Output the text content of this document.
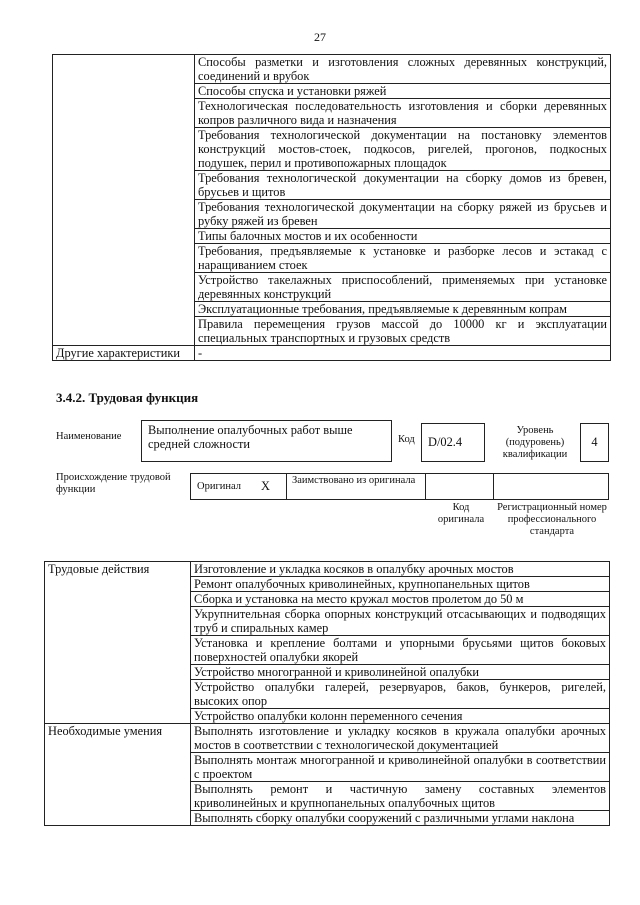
27
	Способы разметки и изготовления сложных деревянных конструкций, соединений и врубок
	Способы спуска и установки ряжей
	Технологическая последовательность изготовления и сборки деревянных копров различного вида и назначения
	Требования технологической документации на постановку элементов конструкций мостов-стоек, подкосов, ригелей, прогонов, подкосных подушек, перил и противопожарных площадок
	Требования технологической документации на сборку домов из бревен, брусьев и щитов
	Требования технологической документации на сборку ряжей из брусьев и рубку ряжей из бревен
	Типы балочных мостов и их особенности
	Требования, предъявляемые к установке и разборке лесов и эстакад с наращиванием стоек
	Устройство такелажных приспособлений, применяемых при установке деревянных конструкций
	Эксплуатационные требования, предъявляемые к деревянным копрам
	Правила перемещения грузов массой до 10000 кг и эксплуатации специальных транспортных и грузовых средств
Другие характеристики	-
3.4.2. Трудовая функция
Наименование	Выполнение опалубочных работ выше средней сложности	Код	D/02.4
Уровень (подуровень) квалификации
4
Происхождение трудовой функции	Оригинал X Заимствовано из оригинала
Код оригинала
Регистрационный номер профессионального стандарта
Трудовые действия	Изготовление и укладка косяков в опалубку арочных мостов
	Ремонт опалубочных криволинейных, крупнопанельных щитов
	Сборка и установка на место кружал мостов пролетом до 50 м
	Укрупнительная сборка опорных конструкций отсасывающих и подводящих труб и спиральных камер
	Установка и крепление болтами и упорными брусьями щитов боковых поверхностей опалубки якорей
	Устройство многогранной и криволинейной опалубки
	Устройство опалубки галерей, резервуаров, баков, бункеров, ригелей, высоких опор
	Устройство опалубки колонн переменного сечения
Необходимые умения	Выполнять изготовление и укладку косяков в кружала опалубки арочных мостов в соответствии с технологической документацией
	Выполнять монтаж многогранной и криволинейной опалубки в соответствии с проектом
	Выполнять ремонт и частичную замену составных элементов криволинейных и крупнопанельных опалубочных щитов
	Выполнять сборку опалубки сооружений с различными углами наклона
